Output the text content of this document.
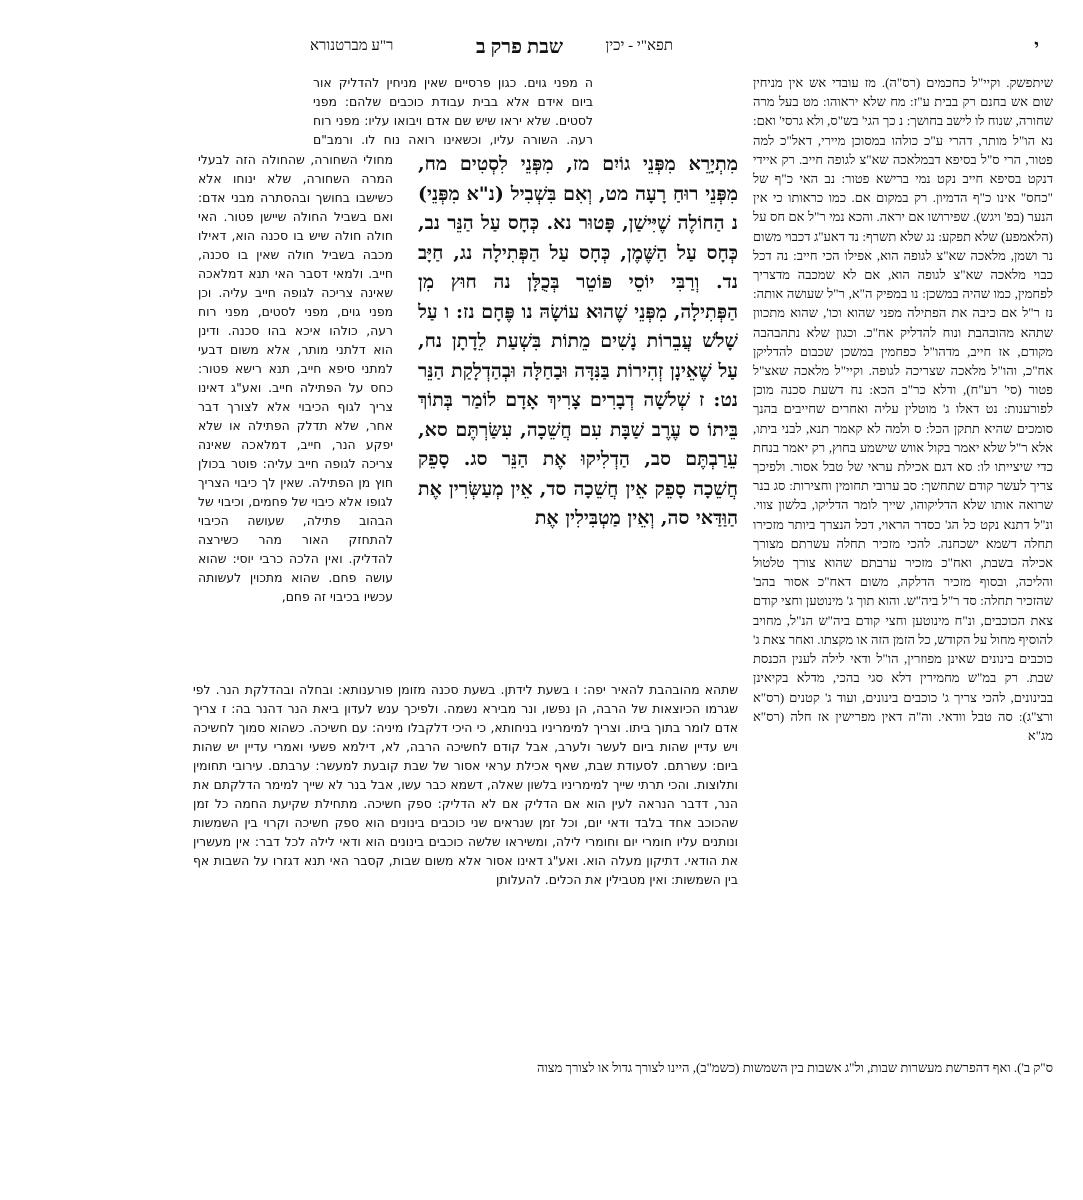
י
תפא"י - יכין
שבת פרק ב
ר"ע מברטנורא

שיתפשק. וקיי"ל כחכמים (רס"ה). מז עובדי אש אין מניחין שום אש בחנם רק בבית ע"ז: מח שלא יראוהו: מט בעל מרה שחורה, שנוח לו לישב בחושך: נ כך הגי' בש"ס, ולא גרסי' ואם: נא הו"ל מותר, דהרי ע"כ כולהו במסוכן מיירי, דאל"כ למה פטור, הרי ס"ל בסיפא דבמלאכה שא"צ לגופה חייב. רק איידי דנקט בסיפא חייב נקט נמי ברישא פטור: נב האי כ"ף של "כחס" אינו כ"ף הדמיון. רק במקום אם. כמו כראותו כי אין הנער (בפ' ויגש). שפירושו אם יראה. והכא נמי ר"ל אם חס על (הלאמפע) שלא תפקע: נג שלא תשרף: נד דאע"ג דכבוי משום נר ושמן, מלאכה שא"צ לגופה הוא, אפילו הכי חייב: נה דכל כבוי מלאכה שא"צ לגופה הוא, אם לא שמכבה מדצריך לפחמין, כמו שהיה במשכן: נו במפיק ה"א, ר"ל שעושה אותה: נז ר"ל אם כיבה את הפתילה מפני שהוא וכו', שהוא מתכוון שתהא מהובהבת ונוח להדליק אח"כ. וכגון שלא נתהבהבה מקודם, אז חייב, מדהו"ל כפחמין במשכן שכבום להדליקן אח"כ, והו"ל מלאכה שצריכה לגופה. וקיי"ל מלאכה שאצ"ל פטור (סי' רע"ח), ודלא כר"ב הכא: נח דשעת סכנה מוכן לפורענות: נט דאלו ג' מוטלין עליה ואחרים שחייבים בהנך סומכים שהיא תתקן הכל: ס ולמה לא קאמר תנא, לבני ביתו, אלא ר"ל שלא יאמר בקול אווש שישמע בחוץ, רק יאמר בנחת כדי שיצייתו לו: סא דגם אכילת עראי של טבל אסור. ולפיכך צריך לעשר קודם שתחשך: סב ערובי תחומין וחצירות: סג בנר שרואה אותו שלא הדליקוהו, שייך לומר הדליקו, בלשון צווי. ונ"ל דתנא נקט כל הג' כסדר הראוי, דכל הנצרך ביותר מזכירו תחלה דשמא ישכחנה. להכי מזכיר תחלה עשרתם מצורך אכילה בשבת, ואח"כ מזכיר ערבתם שהוא צורך טלטול והליכה, ובסוף מזכיר הדלקה, משום דאח"כ אסור בהב' שהזכיר תחלה: סד ר"ל ביה"ש. והוא תוך ג' מינוטען וחצי קודם צאת הכוכבים, ונ"ח מינוטען וחצי קודם ביה"ש הנ"ל, מחויב להוסיף מחול על הקודש, כל הזמן הזה או מקצתו. ואחר צאת ג' כוכבים בינונים שאינן מפוזרין, הו"ל ודאי לילה לענין הכנסת שבת. רק במ"ש מחמירין דלא סגי בהכי, מדלא בקיאינן בבינונים, להכי צריך ג' כוכבים בינונים, ועוד ג' קטנים (רס"א ורצ"ג): סה טבל וודאי. וה"ה דאין מפרישין אז חלה (רס"א מג"א

מִתְיָרֵא מִפְּנֵי גוֹיִם מז, מִפְּנֵי לִסְטִים מח, מִפְּנֵי רוּחַ רָעָה מט, וְאִם בִּשְׁבִיל (נ"א מִפְּנֵי) נ הַחוֹלֶה שֶׁיִּישַׁן, פָּטוּר נא. כְּחָס עַל הַנֵּר נב, כְּחָס עַל הַשֶּׁמֶן, כְּחָס עַל הַפְּתִילָה נג, חַיָּב נד. וְרַבִּי יוֹסֵי פּוֹטֵר בְּכֻלָּן נה חוּץ מִן הַפְּתִילָה, מִפְּנֵי שֶׁהוּא עוֹשָׂהּ נו פֶּחָם נז: ו עַל שָׁלֹשׁ עֲבֵרוֹת נָשִׁים מֵתוֹת בִּשְׁעַת לֵדָתָן נח, עַל שֶׁאֵינָן זְהִירוֹת בַּנִּדָּה וּבַחַלָּה וּבְהַדְלָקַת הַנֵּר נט: ז שְׁלשָׁה דְבָרִים צָרִיךְ אָדָם לוֹמַר בְּתוֹךְ בֵּיתוֹ ס עֶרֶב שַׁבָּת עִם חֲשֵׁכָה, עִשַּׂרְתֶּם סא, עֵרַבְתֶּם סב, הַדְלִיקוּ אֶת הַנֵּר סג. סָפֵק חֲשֵׁכָה סָפֵק אֵין חֲשֵׁכָה סד, אֵין מְעַשְּׂרִין אֶת הַוַּדַּאי סה, וְאֵין מַטְבִּילִין אֶת

ה מפני גוים. כגון פרסיים שאין מניחין להדליק אור ביום אידם אלא בבית עבודת כוכבים שלהם: מפני לסטים. שלא יראו שיש שם אדם ויבואו עליו: מפני רוח רעה. השורה עליו, וכשאינו רואה נוח לו. ורמב"ם

מחולי השחורה, שהחולה הזה לבעלי המרה השחורה, שלא ינוחו אלא כשישבו בחושך ובהסתרה מבני אדם: ואם בשביל החולה שיישן פטור. האי חולה חולה שיש בו סכנה הוא, דאילו מכבה בשביל חולה שאין בו סכנה, חייב. ולמאי דסבר האי תנא דמלאכה שאינה צריכה לגופה חייב עליה. וכן מפני גוים, מפני לסטים, מפני רוח רעה, כולהו איכא בהו סכנה. ודינן הוא דלתני מותר, אלא משום דבעי למתני סיפא חייב, תנא רישא פטור: כחס על הפתילה חייב. ואע"ג דאינו צריך לגוף הכיבוי אלא לצורך דבר אחר, שלא תדלק הפתילה או שלא יפקע הנר, חייב, דמלאכה שאינה צריכה לגופה חייב עליה: פוטר בכולן חוץ מן הפתילה. שאין לך כיבוי הצריך לגופו אלא כיבוי של פחמים, וכיבוי של הבהוב פתילה, שעושה הכיבוי להתחזק האור מהר כשירצה להדליק. ואין הלכה כרבי יוסי: שהוא עושה פחם. שהוא מתכוין לעשותה עכשיו בכיבוי זה פחם,

שתהא מהובהבת להאיר יפה: ו בשעת לידתן. בשעת סכנה מזומן פורענותא: ובחלה ובהדלקת הנר. לפי שגרמו הכיוצאות של הרבה, הן נפשו, ונר מבירא נשמה. ולפיכך ענש לעדון ביאת הנר דהנר בה: ז צריך אדם לומר בתוך ביתו. וצריך למימריניו בניחותא, כי היכי דלקבלו מיניה: עם חשיכה. כשהוא סמוך לחשיכה ויש עדיין שהות ביום לעשר ולערב, אבל קודם לחשיכה הרבה, לא, דילמא פשעי ואמרי עדיין יש שהות ביום: עשרתם. לסעודת שבת, שאף אכילת עראי אסור של שבת קובעת למעשר: ערבתם. עירובי תחומין ותלוצות. והכי תרתי שייך למימריניו בלשון שאלה, דשמא כבר עשו, אבל בנר לא שייך למימר הדלקתם את הנר, דדבר הנראה לעין הוא אם הדליק אם לא הדליק: ספק חשיכה. מתחילת שקיעת החמה כל זמן שהכוכב אחד בלבד ודאי יום, וכל זמן שנראים שני כוכבים בינונים הוא ספק חשיכה וקרוי בין השמשות ונותנים עליו חומרי יום וחומרי לילה, ומשיראו שלשה כוכבים בינונים הוא ודאי לילה לכל דבר: אין מעשרין את הודאי. דתיקון מעלה הוא. ואע"ג דאינו אסור אלא משום שבות, קסבר האי תנא דגזרו על השבות אף בין השמשות: ואין מטבילין את הכלים. להעלותן

ס"ק ב'). ואף דהפרשת מעשרות שבות, ול"ג אשבות בין השמשות (כשמ"ב), היינו לצורך גדול או לצורך מצוה
